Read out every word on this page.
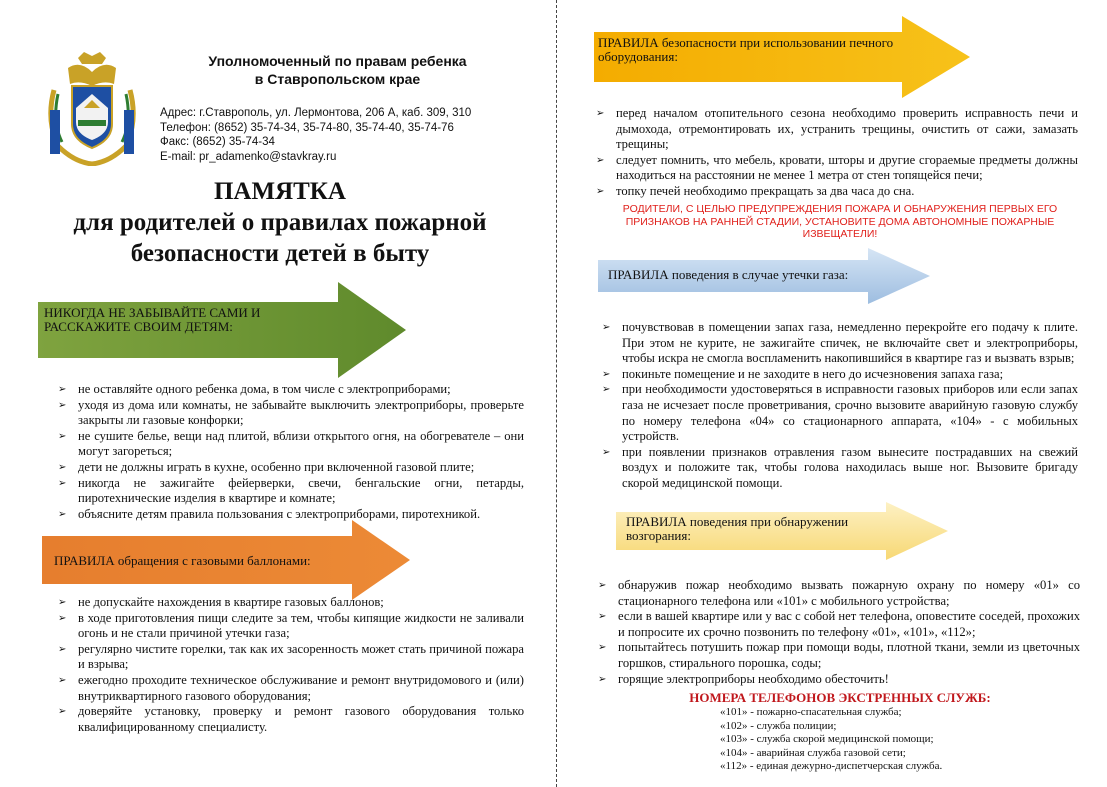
Уполномоченный по правам ребенка
в Ставропольском крае
Адрес: г.Ставрополь, ул. Лермонтова, 206 А, каб. 309, 310
Телефон: (8652) 35-74-34, 35-74-80, 35-74-40, 35-74-76
Факс: (8652) 35-74-34
E-mail: pr_adamenko@stavkray.ru
ПАМЯТКА
для родителей о правилах пожарной
безопасности детей в быту
НИКОГДА НЕ ЗАБЫВАЙТЕ САМИ И РАССКАЖИТЕ СВОИМ ДЕТЯМ:
➢ не оставляйте одного ребенка дома, в том числе с электроприборами;
➢ уходя из дома или комнаты, не забывайте выключить электроприборы, проверьте закрыты ли газовые конфорки;
➢ не сушите белье, вещи над плитой, вблизи открытого огня, на обогревателе – они могут загореться;
➢ дети не должны играть в кухне, особенно при включенной газовой плите;
➢ никогда не зажигайте фейерверки, свечи, бенгальские огни, петарды, пиротехнические изделия в квартире и комнате;
➢ объясните детям правила пользования с электроприборами, пиротехникой.
ПРАВИЛА обращения с газовыми баллонами:
➢ не допускайте нахождения в квартире газовых баллонов;
➢ в ходе приготовления пищи следите за тем, чтобы кипящие жидкости не заливали огонь и не стали причиной утечки газа;
➢ регулярно чистите горелки, так как их засоренность может стать причиной пожара и взрыва;
➢ ежегодно проходите техническое обслуживание и ремонт внутридомового и (или) внутриквартирного газового оборудования;
➢ доверяйте установку, проверку и ремонт газового оборудования только квалифицированному специалисту.
ПРАВИЛА безопасности при использовании печного оборудования:
➢ перед началом отопительного сезона необходимо проверить исправность печи и дымохода, отремонтировать их, устранить трещины, очистить от сажи, замазать трещины;
➢ следует помнить, что мебель, кровати, шторы и другие сгораемые предметы должны находиться на расстоянии не менее 1 метра от стен топящейся печи;
➢ топку печей необходимо прекращать за два часа до сна.
РОДИТЕЛИ, С ЦЕЛЬЮ ПРЕДУПРЕЖДЕНИЯ ПОЖАРА И ОБНАРУЖЕНИЯ ПЕРВЫХ ЕГО ПРИЗНАКОВ НА РАННЕЙ СТАДИИ, УСТАНОВИТЕ ДОМА АВТОНОМНЫЕ ПОЖАРНЫЕ ИЗВЕЩАТЕЛИ!
ПРАВИЛА поведения в случае утечки газа:
➢ почувствовав в помещении запах газа, немедленно перекройте его подачу к плите. При этом не курите, не зажигайте спичек, не включайте свет и электроприборы, чтобы искра не смогла воспламенить накопившийся в квартире газ и вызвать взрыв;
➢ покиньте помещение и не заходите в него до исчезновения запаха газа;
➢ при необходимости удостоверяться в исправности газовых приборов или если запах газа не исчезает после проветривания, срочно вызовите аварийную газовую службу по номеру телефона «04» со стационарного аппарата, «104» - с мобильных устройств.
➢ при появлении признаков отравления газом вынесите пострадавших на свежий воздух и положите так, чтобы голова находилась выше ног. Вызовите бригаду скорой медицинской помощи.
ПРАВИЛА поведения при обнаружении возгорания:
➢ обнаружив пожар необходимо вызвать пожарную охрану по номеру «01» со стационарного телефона или «101» с мобильного устройства;
➢ если в вашей квартире или у вас с собой нет телефона, оповестите соседей, прохожих и попросите их срочно позвонить по телефону «01», «101», «112»;
➢ попытайтесь потушить пожар при помощи воды, плотной ткани, земли из цветочных горшков, стирального порошка, соды;
➢ горящие электроприборы необходимо обесточить!
НОМЕРА ТЕЛЕФОНОВ ЭКСТРЕННЫХ СЛУЖБ:
«101» - пожарно-спасательная служба;
«102» - служба полиции;
«103» - служба скорой медицинской помощи;
«104» - аварийная служба газовой сети;
«112» - единая дежурно-диспетчерская служба.
